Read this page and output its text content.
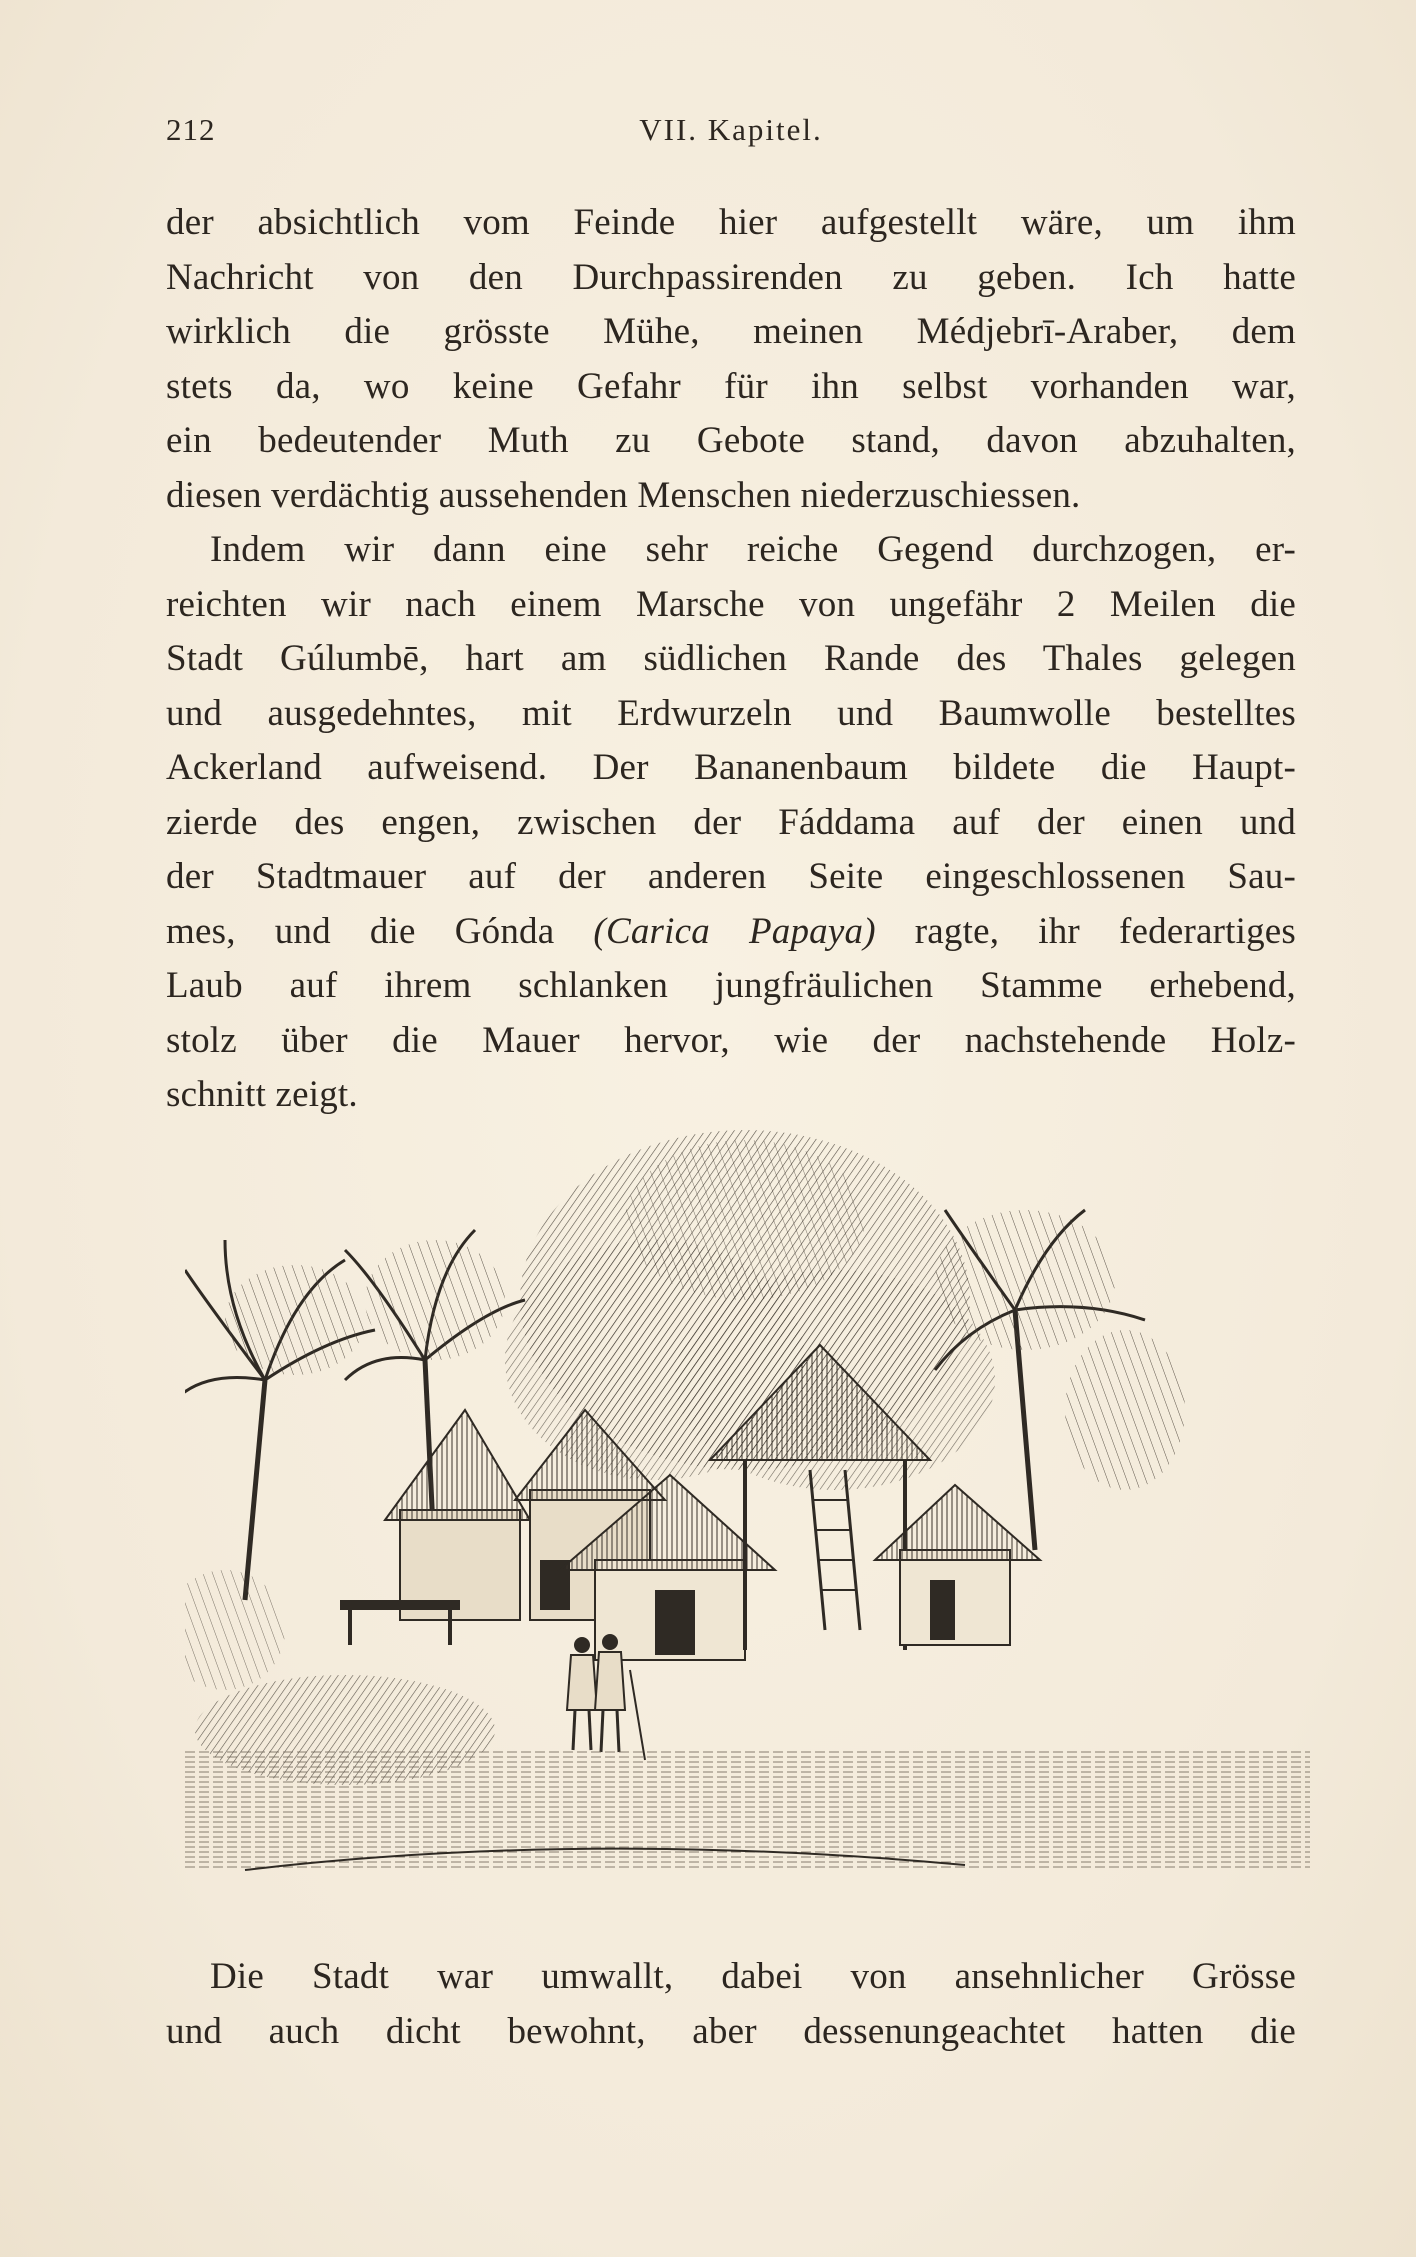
212	VII. Kapitel.
der absichtlich vom Feinde hier aufgestellt wäre, um ihm
Nachricht von den Durchpassirenden zu geben. Ich hatte
wirklich die grösste Mühe, meinen Médjebrī-Araber, dem
stets da, wo keine Gefahr für ihn selbst vorhanden war,
ein bedeutender Muth zu Gebote stand, davon abzuhalten,
diesen verdächtig aussehenden Menschen niederzuschiessen.
Indem wir dann eine sehr reiche Gegend durchzogen, er-
reichten wir nach einem Marsche von ungefähr 2 Meilen die
Stadt Gúlumbē, hart am südlichen Rande des Thales gelegen
und ausgedehntes, mit Erdwurzeln und Baumwolle bestelltes
Ackerland aufweisend. Der Bananenbaum bildete die Haupt-
zierde des engen, zwischen der Fáddama auf der einen und
der Stadtmauer auf der anderen Seite eingeschlossenen Sau-
mes, und die Gónda (Carica Papaya) ragte, ihr federartiges
Laub auf ihrem schlanken jungfräulichen Stamme erhebend,
stolz über die Mauer hervor, wie der nachstehende Holz-
schnitt zeigt.
Die Stadt war umwallt, dabei von ansehnlicher Grösse
und auch dicht bewohnt, aber dessenungeachtet hatten die
